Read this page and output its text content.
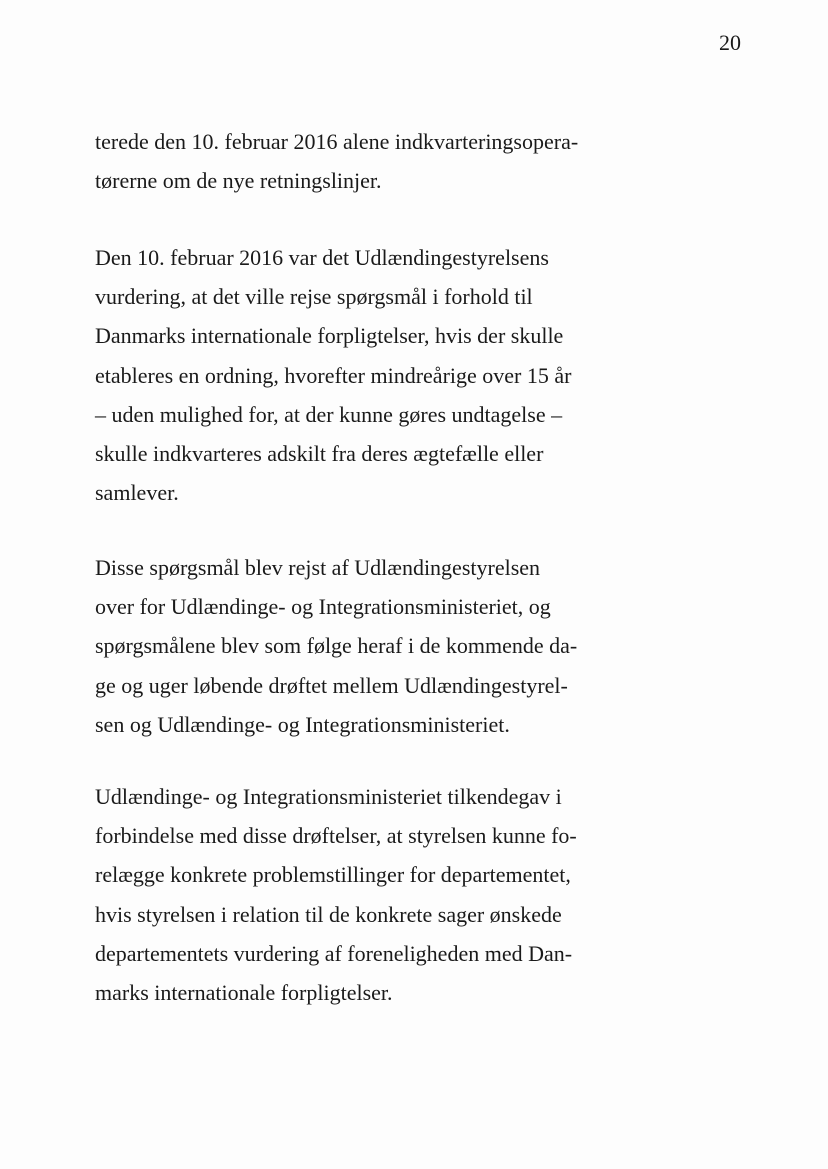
20
terede den 10. februar 2016 alene indkvarteringsopera-
tørerne om de nye retningslinjer.
Den 10. februar 2016 var det Udlændingestyrelsens
vurdering, at det ville rejse spørgsmål i forhold til
Danmarks internationale forpligtelser, hvis der skulle
etableres en ordning, hvorefter mindreårige over 15 år
– uden mulighed for, at der kunne gøres undtagelse –
skulle indkvarteres adskilt fra deres ægtefælle eller
samlever.
Disse spørgsmål blev rejst af Udlændingestyrelsen
over for Udlændinge- og Integrationsministeriet, og
spørgsmålene blev som følge heraf i de kommende da-
ge og uger løbende drøftet mellem Udlændingestyrel-
sen og Udlændinge- og Integrationsministeriet.
Udlændinge- og Integrationsministeriet tilkendegav i
forbindelse med disse drøftelser, at styrelsen kunne fo-
relægge konkrete problemstillinger for departementet,
hvis styrelsen i relation til de konkrete sager ønskede
departementets vurdering af foreneligheden med Dan-
marks internationale forpligtelser.
